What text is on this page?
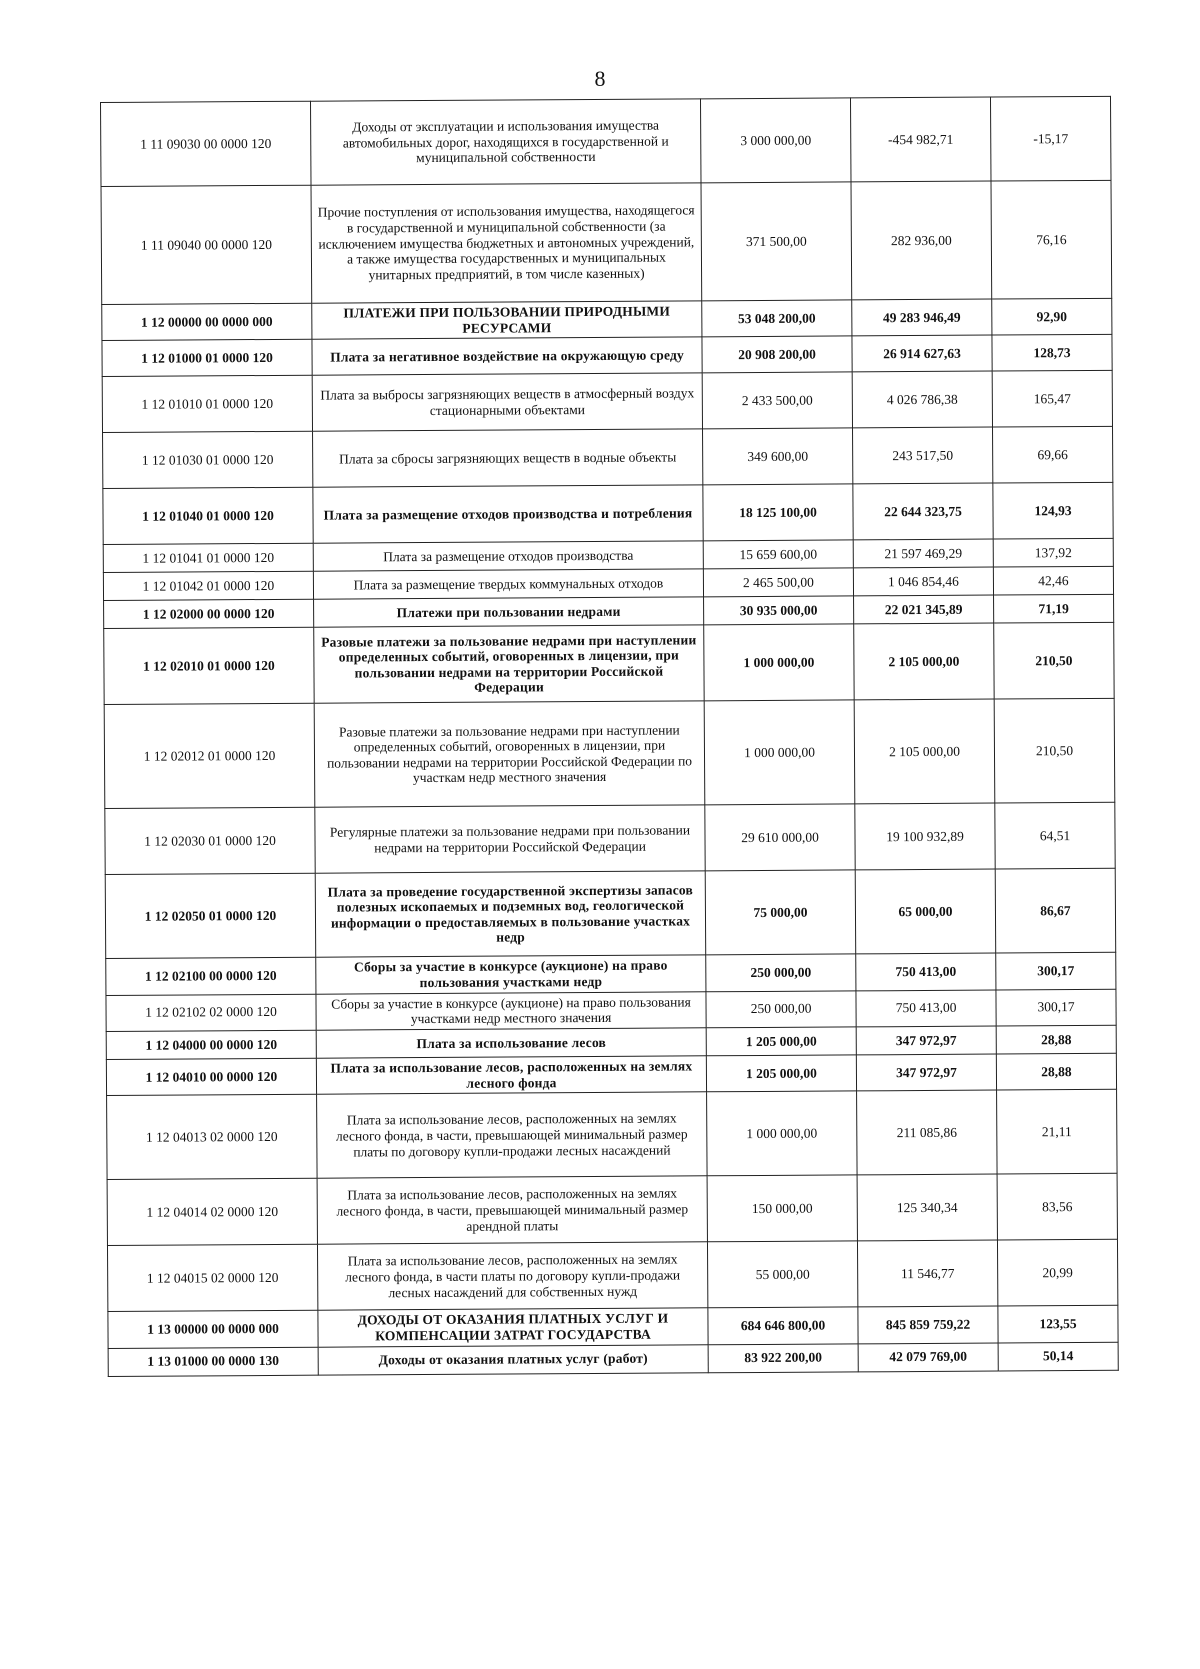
8
1 11 09030 00 0000 120	Доходы от эксплуатации и использования имущества автомобильных дорог, находящихся в государственной и муниципальной собственности	3 000 000,00	-454 982,71	-15,17
1 11 09040 00 0000 120	Прочие поступления от использования имущества, находящегося в государственной и муниципальной собственности (за исключением имущества бюджетных и автономных учреждений, а также имущества государственных и муниципальных унитарных предприятий, в том числе казенных)	371 500,00	282 936,00	76,16
1 12 00000 00 0000 000	ПЛАТЕЖИ ПРИ ПОЛЬЗОВАНИИ ПРИРОДНЫМИ РЕСУРСАМИ	53 048 200,00	49 283 946,49	92,90
1 12 01000 01 0000 120	Плата за негативное воздействие на окружающую среду	20 908 200,00	26 914 627,63	128,73
1 12 01010 01 0000 120	Плата за выбросы загрязняющих веществ в атмосферный воздух стационарными объектами	2 433 500,00	4 026 786,38	165,47
1 12 01030 01 0000 120	Плата за сбросы загрязняющих веществ в водные объекты	349 600,00	243 517,50	69,66
1 12 01040 01 0000 120	Плата за размещение отходов производства и потребления	18 125 100,00	22 644 323,75	124,93
1 12 01041 01 0000 120	Плата за размещение отходов производства	15 659 600,00	21 597 469,29	137,92
1 12 01042 01 0000 120	Плата за размещение твердых коммунальных отходов	2 465 500,00	1 046 854,46	42,46
1 12 02000 00 0000 120	Платежи при пользовании недрами	30 935 000,00	22 021 345,89	71,19
1 12 02010 01 0000 120	Разовые платежи за пользование недрами при наступлении определенных событий, оговоренных в лицензии, при пользовании недрами на территории Российской Федерации	1 000 000,00	2 105 000,00	210,50
1 12 02012 01 0000 120	Разовые платежи за пользование недрами при наступлении определенных событий, оговоренных в лицензии, при пользовании недрами на территории Российской Федерации по участкам недр местного значения	1 000 000,00	2 105 000,00	210,50
1 12 02030 01 0000 120	Регулярные платежи за пользование недрами при пользовании недрами на территории Российской Федерации	29 610 000,00	19 100 932,89	64,51
1 12 02050 01 0000 120	Плата за проведение государственной экспертизы запасов полезных ископаемых и подземных вод, геологической информации о предоставляемых в пользование участках недр	75 000,00	65 000,00	86,67
1 12 02100 00 0000 120	Сборы за участие в конкурсе (аукционе) на право пользования участками недр	250 000,00	750 413,00	300,17
1 12 02102 02 0000 120	Сборы за участие в конкурсе (аукционе) на право пользования участками недр местного значения	250 000,00	750 413,00	300,17
1 12 04000 00 0000 120	Плата за использование лесов	1 205 000,00	347 972,97	28,88
1 12 04010 00 0000 120	Плата за использование лесов, расположенных на землях лесного фонда	1 205 000,00	347 972,97	28,88
1 12 04013 02 0000 120	Плата за использование лесов, расположенных на землях лесного фонда, в части, превышающей минимальный размер платы по договору купли-продажи лесных насаждений	1 000 000,00	211 085,86	21,11
1 12 04014 02 0000 120	Плата за использование лесов, расположенных на землях лесного фонда, в части, превышающей минимальный размер арендной платы	150 000,00	125 340,34	83,56
1 12 04015 02 0000 120	Плата за использование лесов, расположенных на землях лесного фонда, в части платы по договору купли-продажи лесных насаждений для собственных нужд	55 000,00	11 546,77	20,99
1 13 00000 00 0000 000	ДОХОДЫ ОТ ОКАЗАНИЯ ПЛАТНЫХ УСЛУГ И КОМПЕНСАЦИИ ЗАТРАТ ГОСУДАРСТВА	684 646 800,00	845 859 759,22	123,55
1 13 01000 00 0000 130	Доходы от оказания платных услуг (работ)	83 922 200,00	42 079 769,00	50,14
